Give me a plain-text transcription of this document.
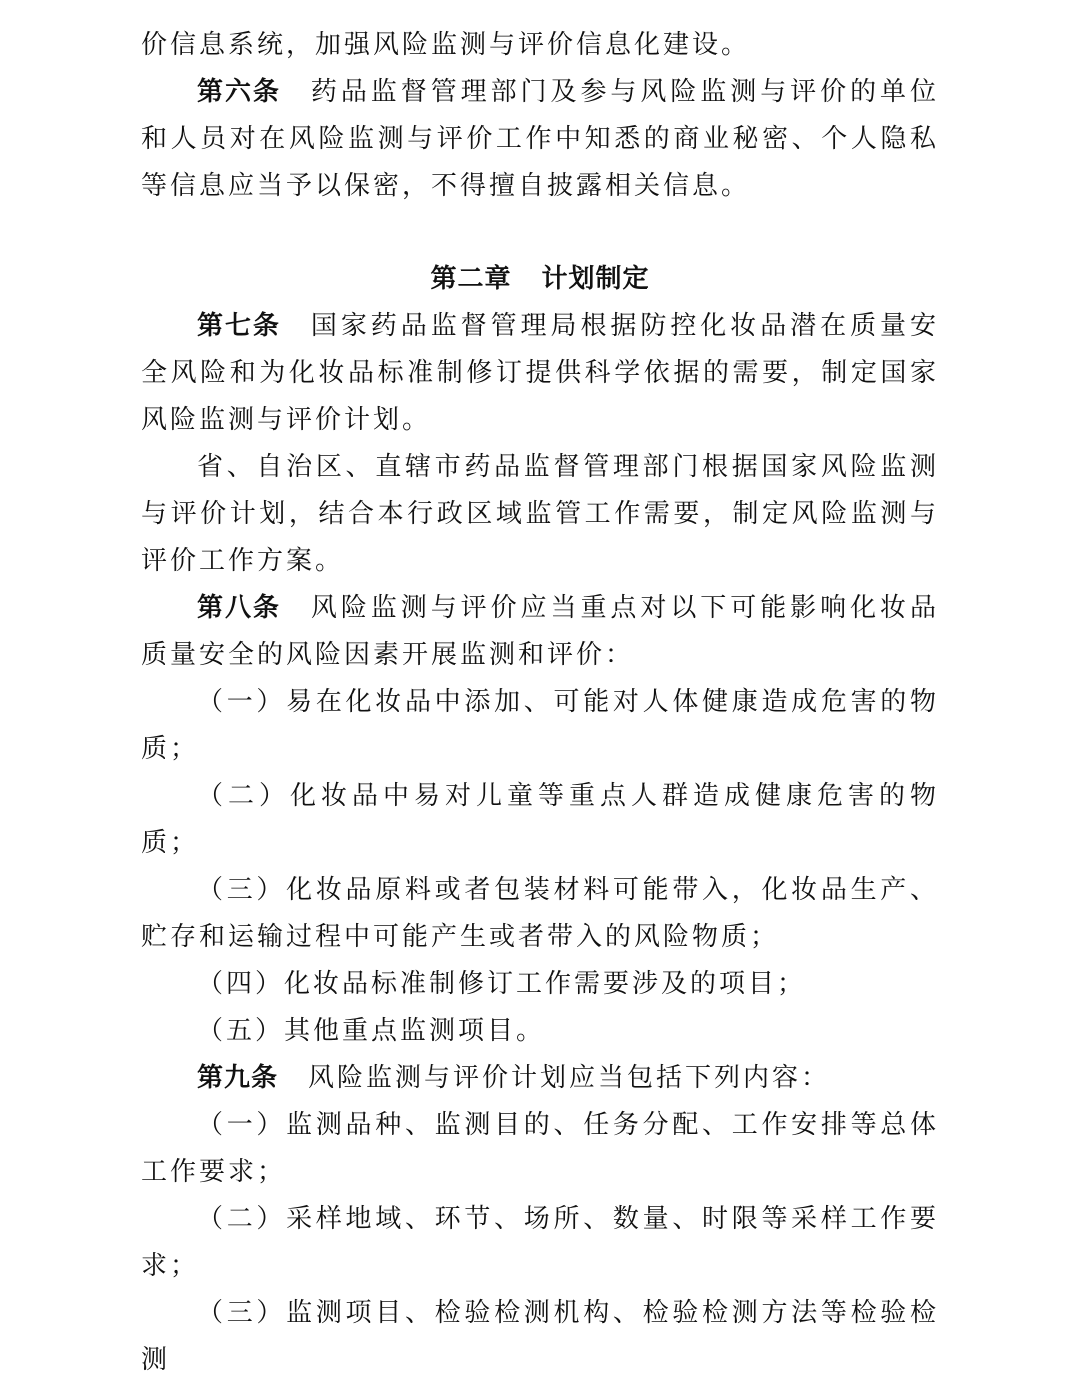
价信息系统，加强风险监测与评价信息化建设。

第六条 药品监督管理部门及参与风险监测与评价的单位和人员对在风险监测与评价工作中知悉的商业秘密、个人隐私等信息应当予以保密，不得擅自披露相关信息。

第二章 计划制定

第七条 国家药品监督管理局根据防控化妆品潜在质量安全风险和为化妆品标准制修订提供科学依据的需要，制定国家风险监测与评价计划。

省、自治区、直辖市药品监督管理部门根据国家风险监测与评价计划，结合本行政区域监管工作需要，制定风险监测与评价工作方案。

第八条 风险监测与评价应当重点对以下可能影响化妆品质量安全的风险因素开展监测和评价：

（一）易在化妆品中添加、可能对人体健康造成危害的物质；

（二）化妆品中易对儿童等重点人群造成健康危害的物质；

（三）化妆品原料或者包装材料可能带入，化妆品生产、贮存和运输过程中可能产生或者带入的风险物质；

（四）化妆品标准制修订工作需要涉及的项目；

（五）其他重点监测项目。

第九条 风险监测与评价计划应当包括下列内容：

（一）监测品种、监测目的、任务分配、工作安排等总体工作要求；

（二）采样地域、环节、场所、数量、时限等采样工作要求；

（三）监测项目、检验检测机构、检验检测方法等检验检测
